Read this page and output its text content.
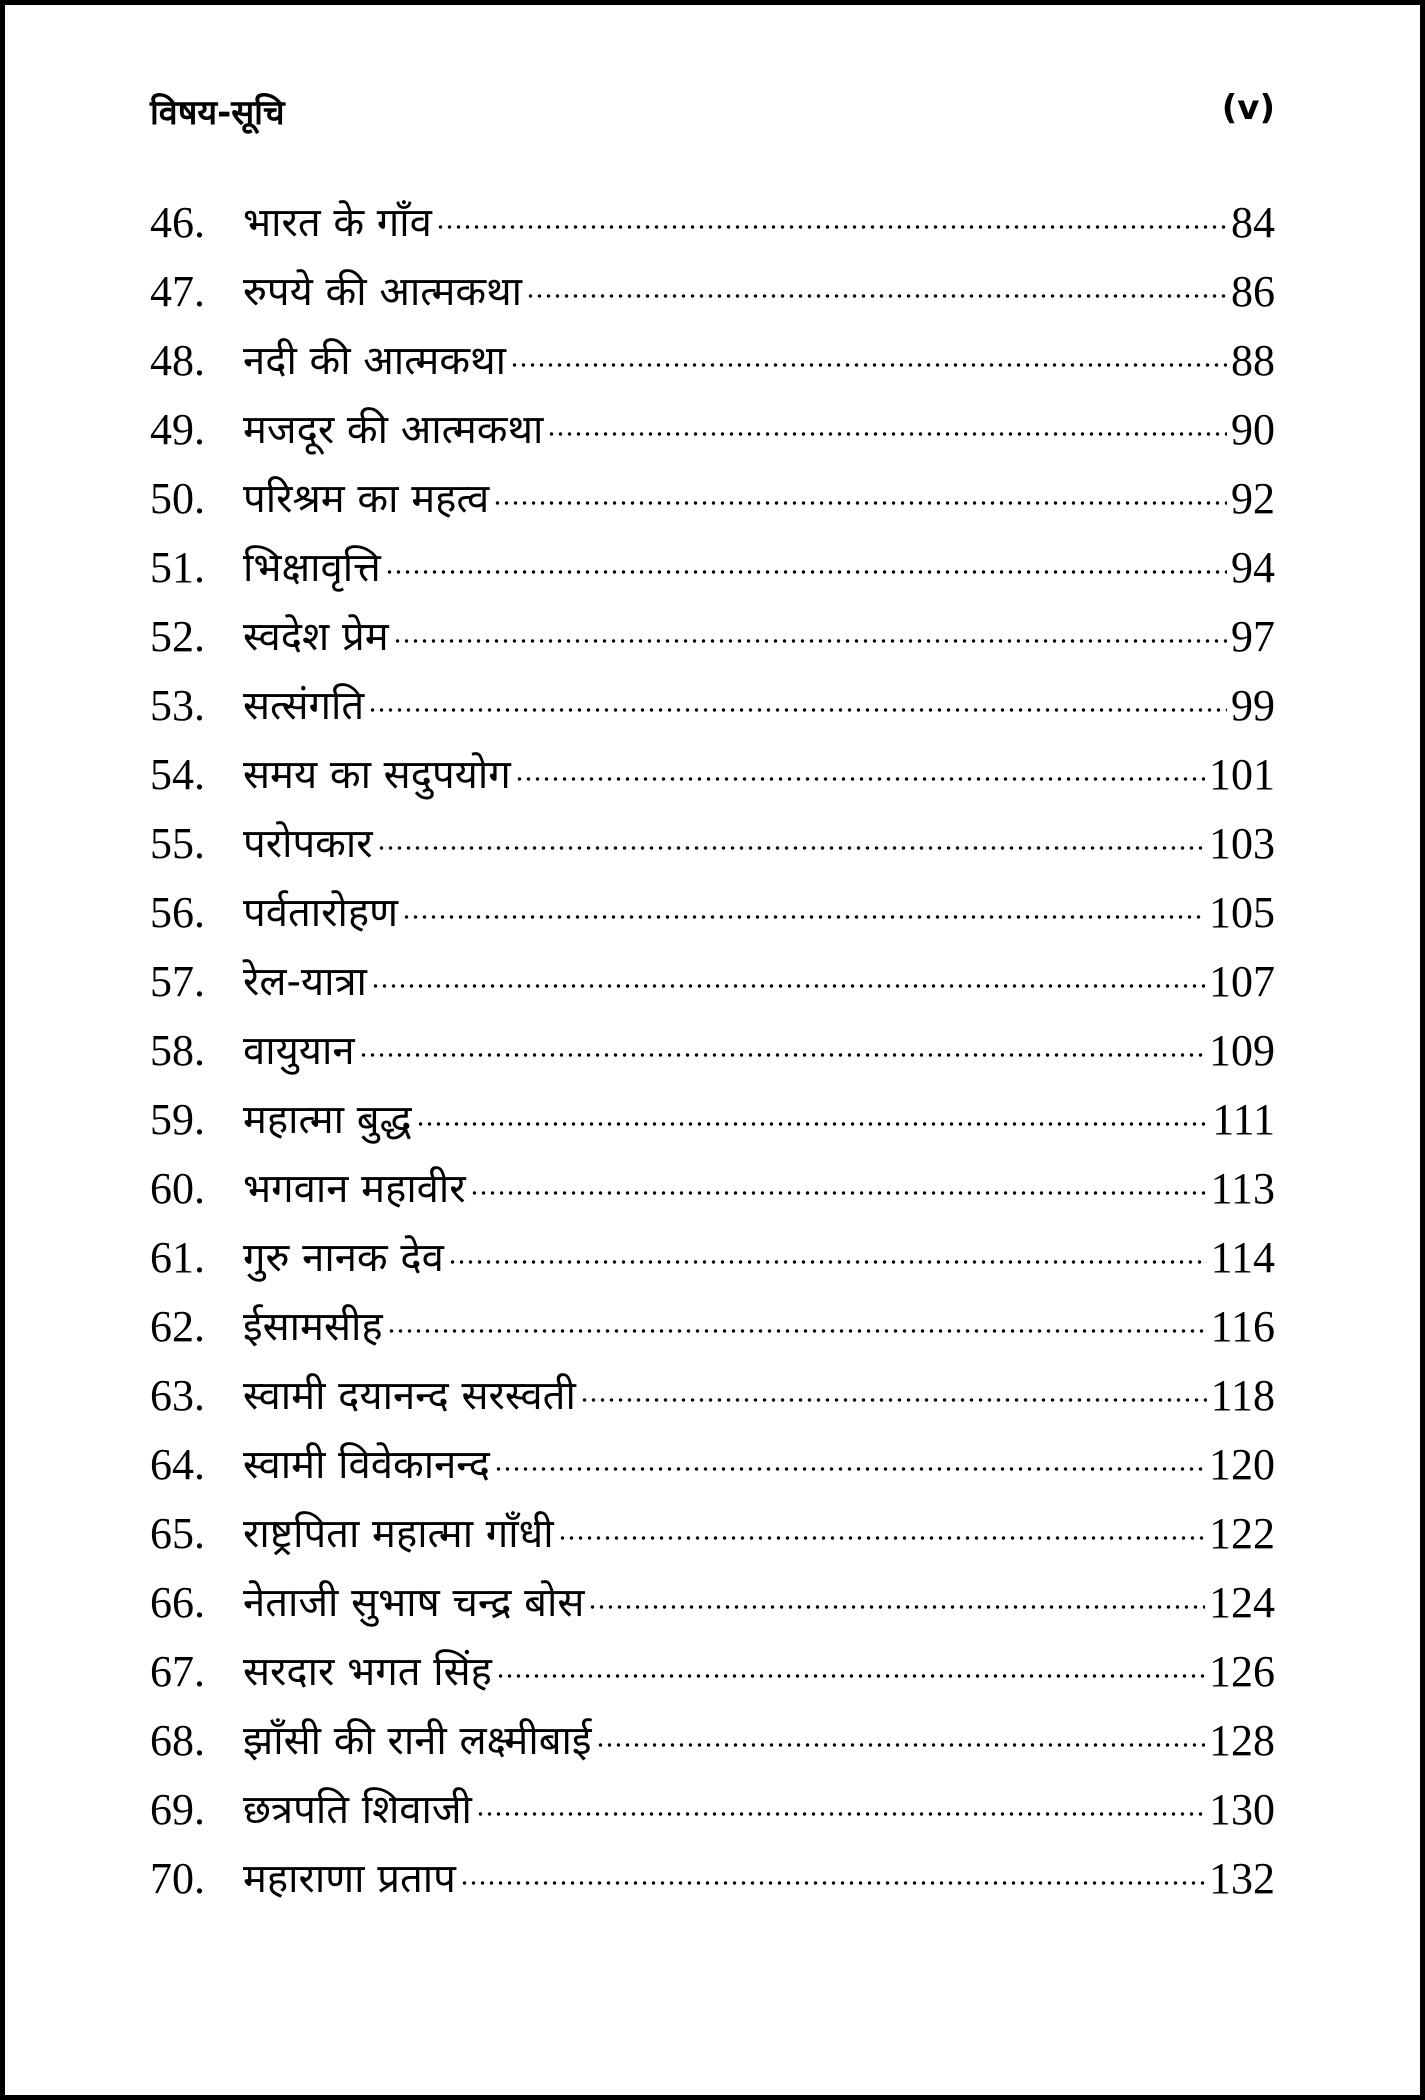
विषय-सूचि	(v)
46. भारत के गाँव	84
47. रुपये की आत्मकथा	86
48. नदी की आत्मकथा	88
49. मजदूर की आत्मकथा	90
50. परिश्रम का महत्व	92
51. भिक्षावृत्ति	94
52. स्वदेश प्रेम	97
53. सत्संगति	99
54. समय का सदुपयोग	101
55. परोपकार	103
56. पर्वतारोहण	105
57. रेल-यात्रा	107
58. वायुयान	109
59. महात्मा बुद्ध	111
60. भगवान महावीर	113
61. गुरु नानक देव	114
62. ईसामसीह	116
63. स्वामी दयानन्द सरस्वती	118
64. स्वामी विवेकानन्द	120
65. राष्ट्रपिता महात्मा गाँधी	122
66. नेताजी सुभाष चन्द्र बोस	124
67. सरदार भगत सिंह	126
68. झाँसी की रानी लक्ष्मीबाई	128
69. छत्रपति शिवाजी	130
70. महाराणा प्रताप	132
